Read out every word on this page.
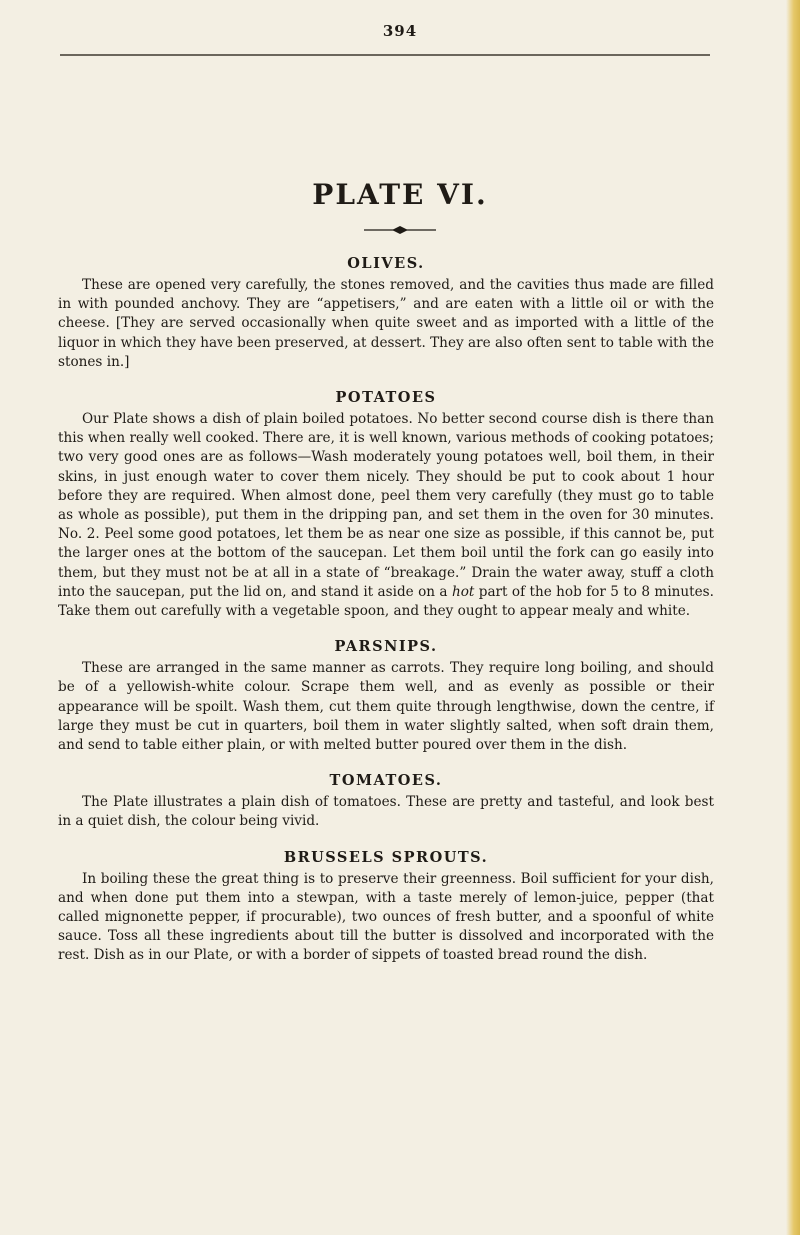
394
PLATE VI.
OLIVES.

These are opened very carefully, the stones removed, and the cavities thus made are filled in with pounded anchovy. They are “appetisers,” and are eaten with a little oil or with the cheese. [They are served occasionally when quite sweet and as imported with a little of the liquor in which they have been preserved, at dessert. They are also often sent to table with the stones in.]

POTATOES

Our Plate shows a dish of plain boiled potatoes. No better second course dish is there than this when really well cooked. There are, it is well known, various methods of cooking potatoes; two very good ones are as follows—Wash moderately young potatoes well, boil them, in their skins, in just enough water to cover them nicely. They should be put to cook about 1 hour before they are required. When almost done, peel them very carefully (they must go to table as whole as possible), put them in the dripping pan, and set them in the oven for 30 minutes. No. 2. Peel some good potatoes, let them be as near one size as possible, if this cannot be, put the larger ones at the bottom of the saucepan. Let them boil until the fork can go easily into them, but they must not be at all in a state of “breakage.” Drain the water away, stuff a cloth into the saucepan, put the lid on, and stand it aside on a hot part of the hob for 5 to 8 minutes. Take them out carefully with a vegetable spoon, and they ought to appear mealy and white.

PARSNIPS.

These are arranged in the same manner as carrots. They require long boiling, and should be of a yellowish-white colour. Scrape them well, and as evenly as possible or their appearance will be spoilt. Wash them, cut them quite through lengthwise, down the centre, if large they must be cut in quarters, boil them in water slightly salted, when soft drain them, and send to table either plain, or with melted butter poured over them in the dish.

TOMATOES.

The Plate illustrates a plain dish of tomatoes. These are pretty and tasteful, and look best in a quiet dish, the colour being vivid.

BRUSSELS SPROUTS.

In boiling these the great thing is to preserve their greenness. Boil sufficient for your dish, and when done put them into a stewpan, with a taste merely of lemon-juice, pepper (that called mignonette pepper, if procurable), two ounces of fresh butter, and a spoonful of white sauce. Toss all these ingredients about till the butter is dissolved and incorporated with the rest. Dish as in our Plate, or with a border of sippets of toasted bread round the dish.
